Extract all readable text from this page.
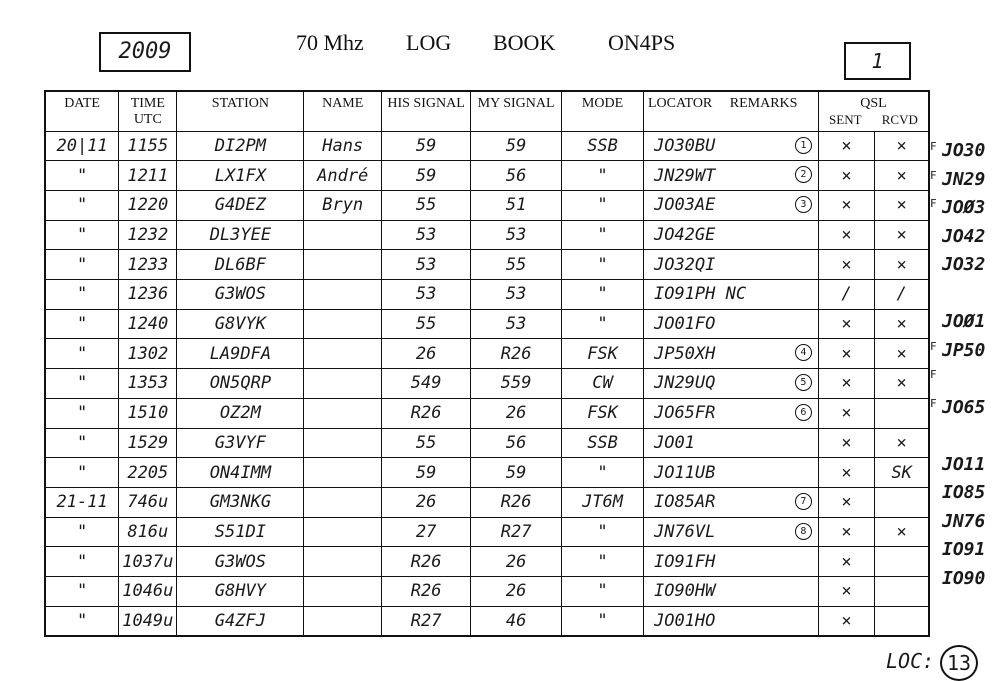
2009	70 Mhz LOG BOOK ON4PS
1
DATE	TIME UTC	STATION	NAME	HIS SIGNAL	MY SIGNAL	MODE	LOCATOR     REMARKS	QSL
SENT RCVD	

20|11	1155	DI2PM	Hans	59	59	SSB	JO30BU 1	×	×
"	1211	LX1FX	André	59	56	"	JN29WT 2	×	×
"	1220	G4DEZ	Bryn	55	51	"	JO03AE 3	×	×
"	1232	DL3YEE		53	53	"	JO42GE	×	×
"	1233	DL6BF		53	55	"	JO32QI	×	×
"	1236	G3WOS		53	53	"	IO91PH NC	/	/
"	1240	G8VYK		55	53	"	JO01FO	×	×
"	1302	LA9DFA		26	R26	FSK	JP50XH 4	×	×
"	1353	ON5QRP		549	559	CW	JN29UQ 5	×	×
"	1510	OZ2M		R26	26	FSK	JO65FR 6	×	
"	1529	G3VYF		55	56	SSB	JO01	×	×
"	2205	ON4IMM		59	59	"	JO11UB	×	SK
21-11	746u	GM3NKG		26	R26	JT6M	IO85AR 7	×	
"	816u	S51DI		27	R27	"	JN76VL 8	×	×
"	1037u	G3WOS		R26	26	"	IO91FH	×	
"	1046u	G8HVY		R26	26	"	IO90HW	×	
"	1049u	G4ZFJ		R27	46	"	JO01HO	×	
F JO30
F JN29
F JOØ3
JO42
JO32
JOØ1
F JP50
F
F JO65
JO11
IO85
JN76
IO91
IO90
LOC: 13
